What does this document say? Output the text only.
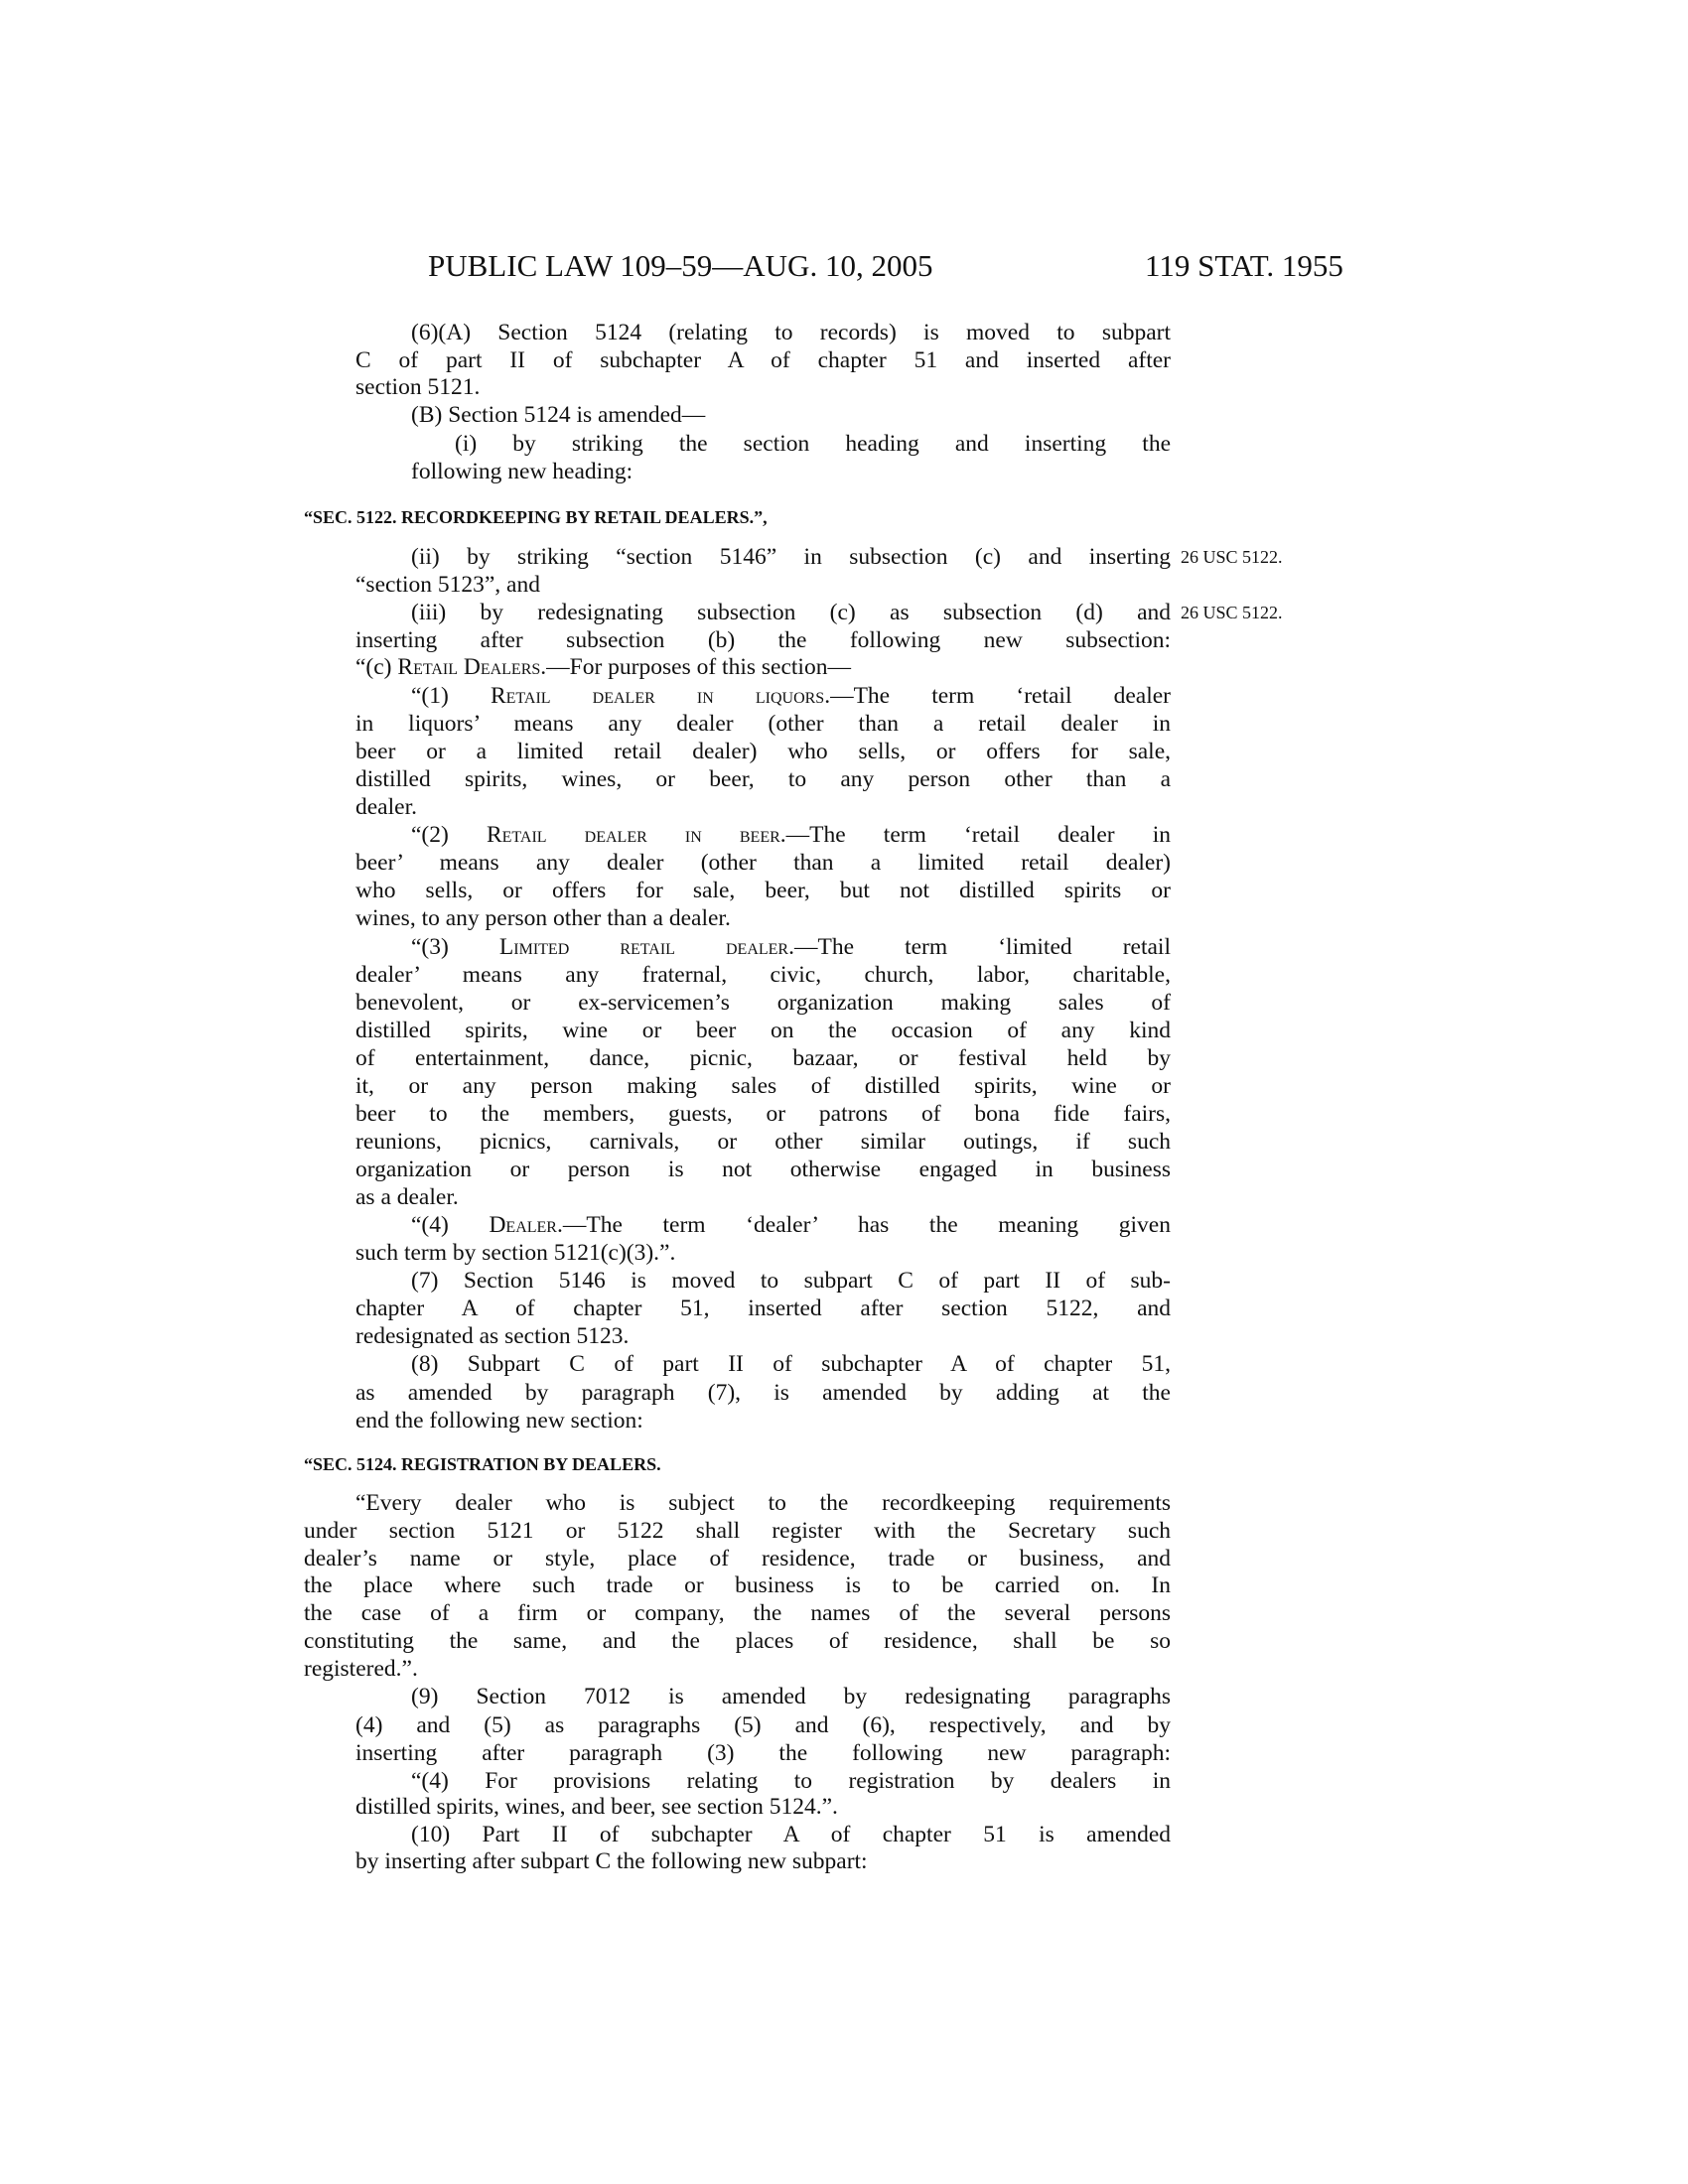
PUBLIC LAW 109–59—AUG. 10, 2005	119 STAT. 1955
(6)(A) Section 5124 (relating to records) is moved to subpart
C of part II of subchapter A of chapter 51 and inserted after
section 5121.
(B) Section 5124 is amended—
(i) by striking the section heading and inserting the
following new heading:
“SEC. 5122. RECORDKEEPING BY RETAIL DEALERS.”,
(ii) by striking “section 5146” in subsection (c) and inserting 26 USC 5122.
“section 5123”, and
(iii) by redesignating subsection (c) as subsection (d) and 26 USC 5122.
inserting after subsection (b) the following new subsection:
“(c) Retail Dealers.—For purposes of this section—
“(1) Retail dealer in liquors.—The term ‘retail dealer
in liquors’ means any dealer (other than a retail dealer in
beer or a limited retail dealer) who sells, or offers for sale,
distilled spirits, wines, or beer, to any person other than a
dealer.
“(2) Retail dealer in beer.—The term ‘retail dealer in
beer’ means any dealer (other than a limited retail dealer)
who sells, or offers for sale, beer, but not distilled spirits or
wines, to any person other than a dealer.
“(3) Limited retail dealer.—The term ‘limited retail
dealer’ means any fraternal, civic, church, labor, charitable,
benevolent, or ex-servicemen’s organization making sales of
distilled spirits, wine or beer on the occasion of any kind
of entertainment, dance, picnic, bazaar, or festival held by
it, or any person making sales of distilled spirits, wine or
beer to the members, guests, or patrons of bona fide fairs,
reunions, picnics, carnivals, or other similar outings, if such
organization or person is not otherwise engaged in business
as a dealer.
“(4) Dealer.—The term ‘dealer’ has the meaning given
such term by section 5121(c)(3).”.
(7) Section 5146 is moved to subpart C of part II of sub-
chapter A of chapter 51, inserted after section 5122, and
redesignated as section 5123.
(8) Subpart C of part II of subchapter A of chapter 51,
as amended by paragraph (7), is amended by adding at the
end the following new section:
“SEC. 5124. REGISTRATION BY DEALERS.
“Every dealer who is subject to the recordkeeping requirements
under section 5121 or 5122 shall register with the Secretary such
dealer’s name or style, place of residence, trade or business, and
the place where such trade or business is to be carried on. In
the case of a firm or company, the names of the several persons
constituting the same, and the places of residence, shall be so
registered.”.
(9) Section 7012 is amended by redesignating paragraphs
(4) and (5) as paragraphs (5) and (6), respectively, and by
inserting after paragraph (3) the following new paragraph:
“(4) For provisions relating to registration by dealers in
distilled spirits, wines, and beer, see section 5124.”.
(10) Part II of subchapter A of chapter 51 is amended
by inserting after subpart C the following new subpart:
